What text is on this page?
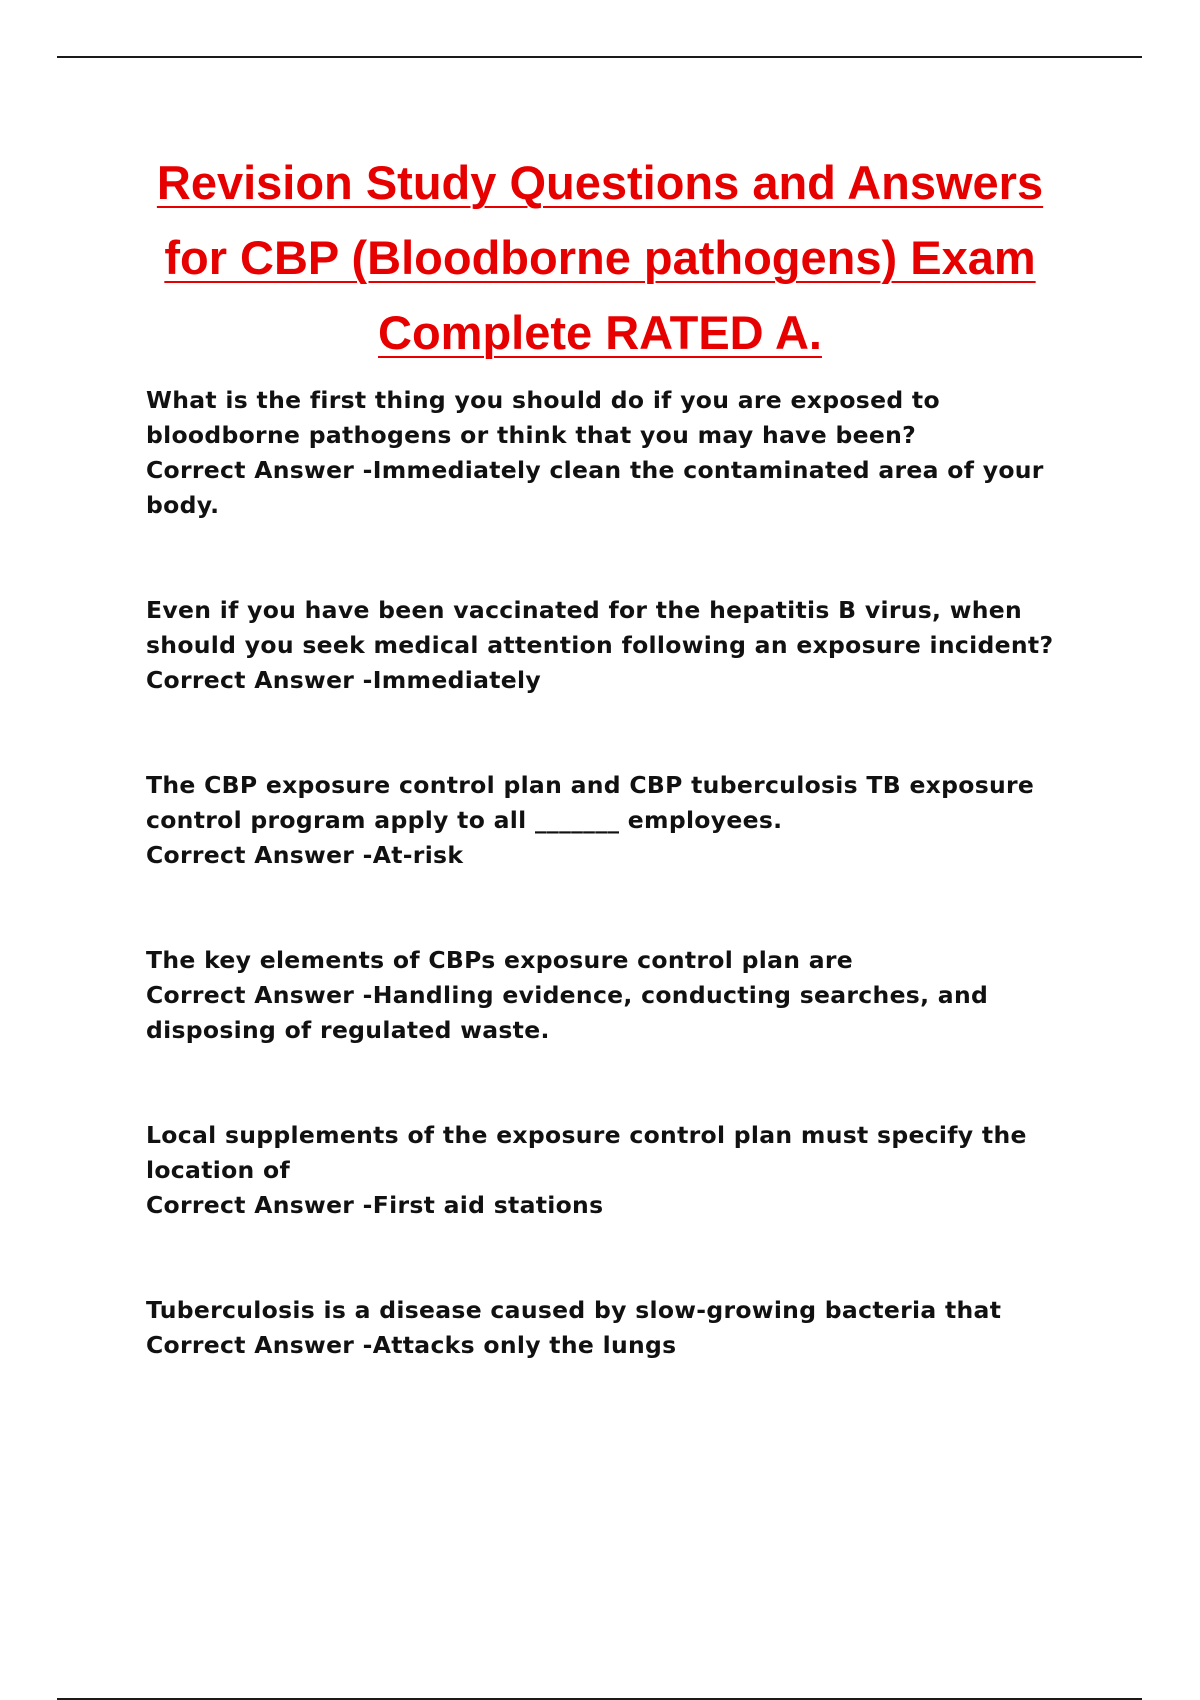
Revision Study Questions and Answers
for CBP (Bloodborne pathogens) Exam
Complete RATED A.

What is the first thing you should do if you are exposed to bloodborne pathogens or think that you may have been?

Correct Answer -Immediately clean the contaminated area of your body.

Even if you have been vaccinated for the hepatitis B virus, when should you seek medical attention following an exposure incident?

Correct Answer -Immediately

The CBP exposure control plan and CBP tuberculosis TB exposure control program apply to all _______ employees.

Correct Answer -At-risk

The key elements of CBPs exposure control plan are

Correct Answer -Handling evidence, conducting searches, and disposing of regulated waste.

Local supplements of the exposure control plan must specify the location of

Correct Answer -First aid stations

Tuberculosis is a disease caused by slow-growing bacteria that

Correct Answer -Attacks only the lungs
